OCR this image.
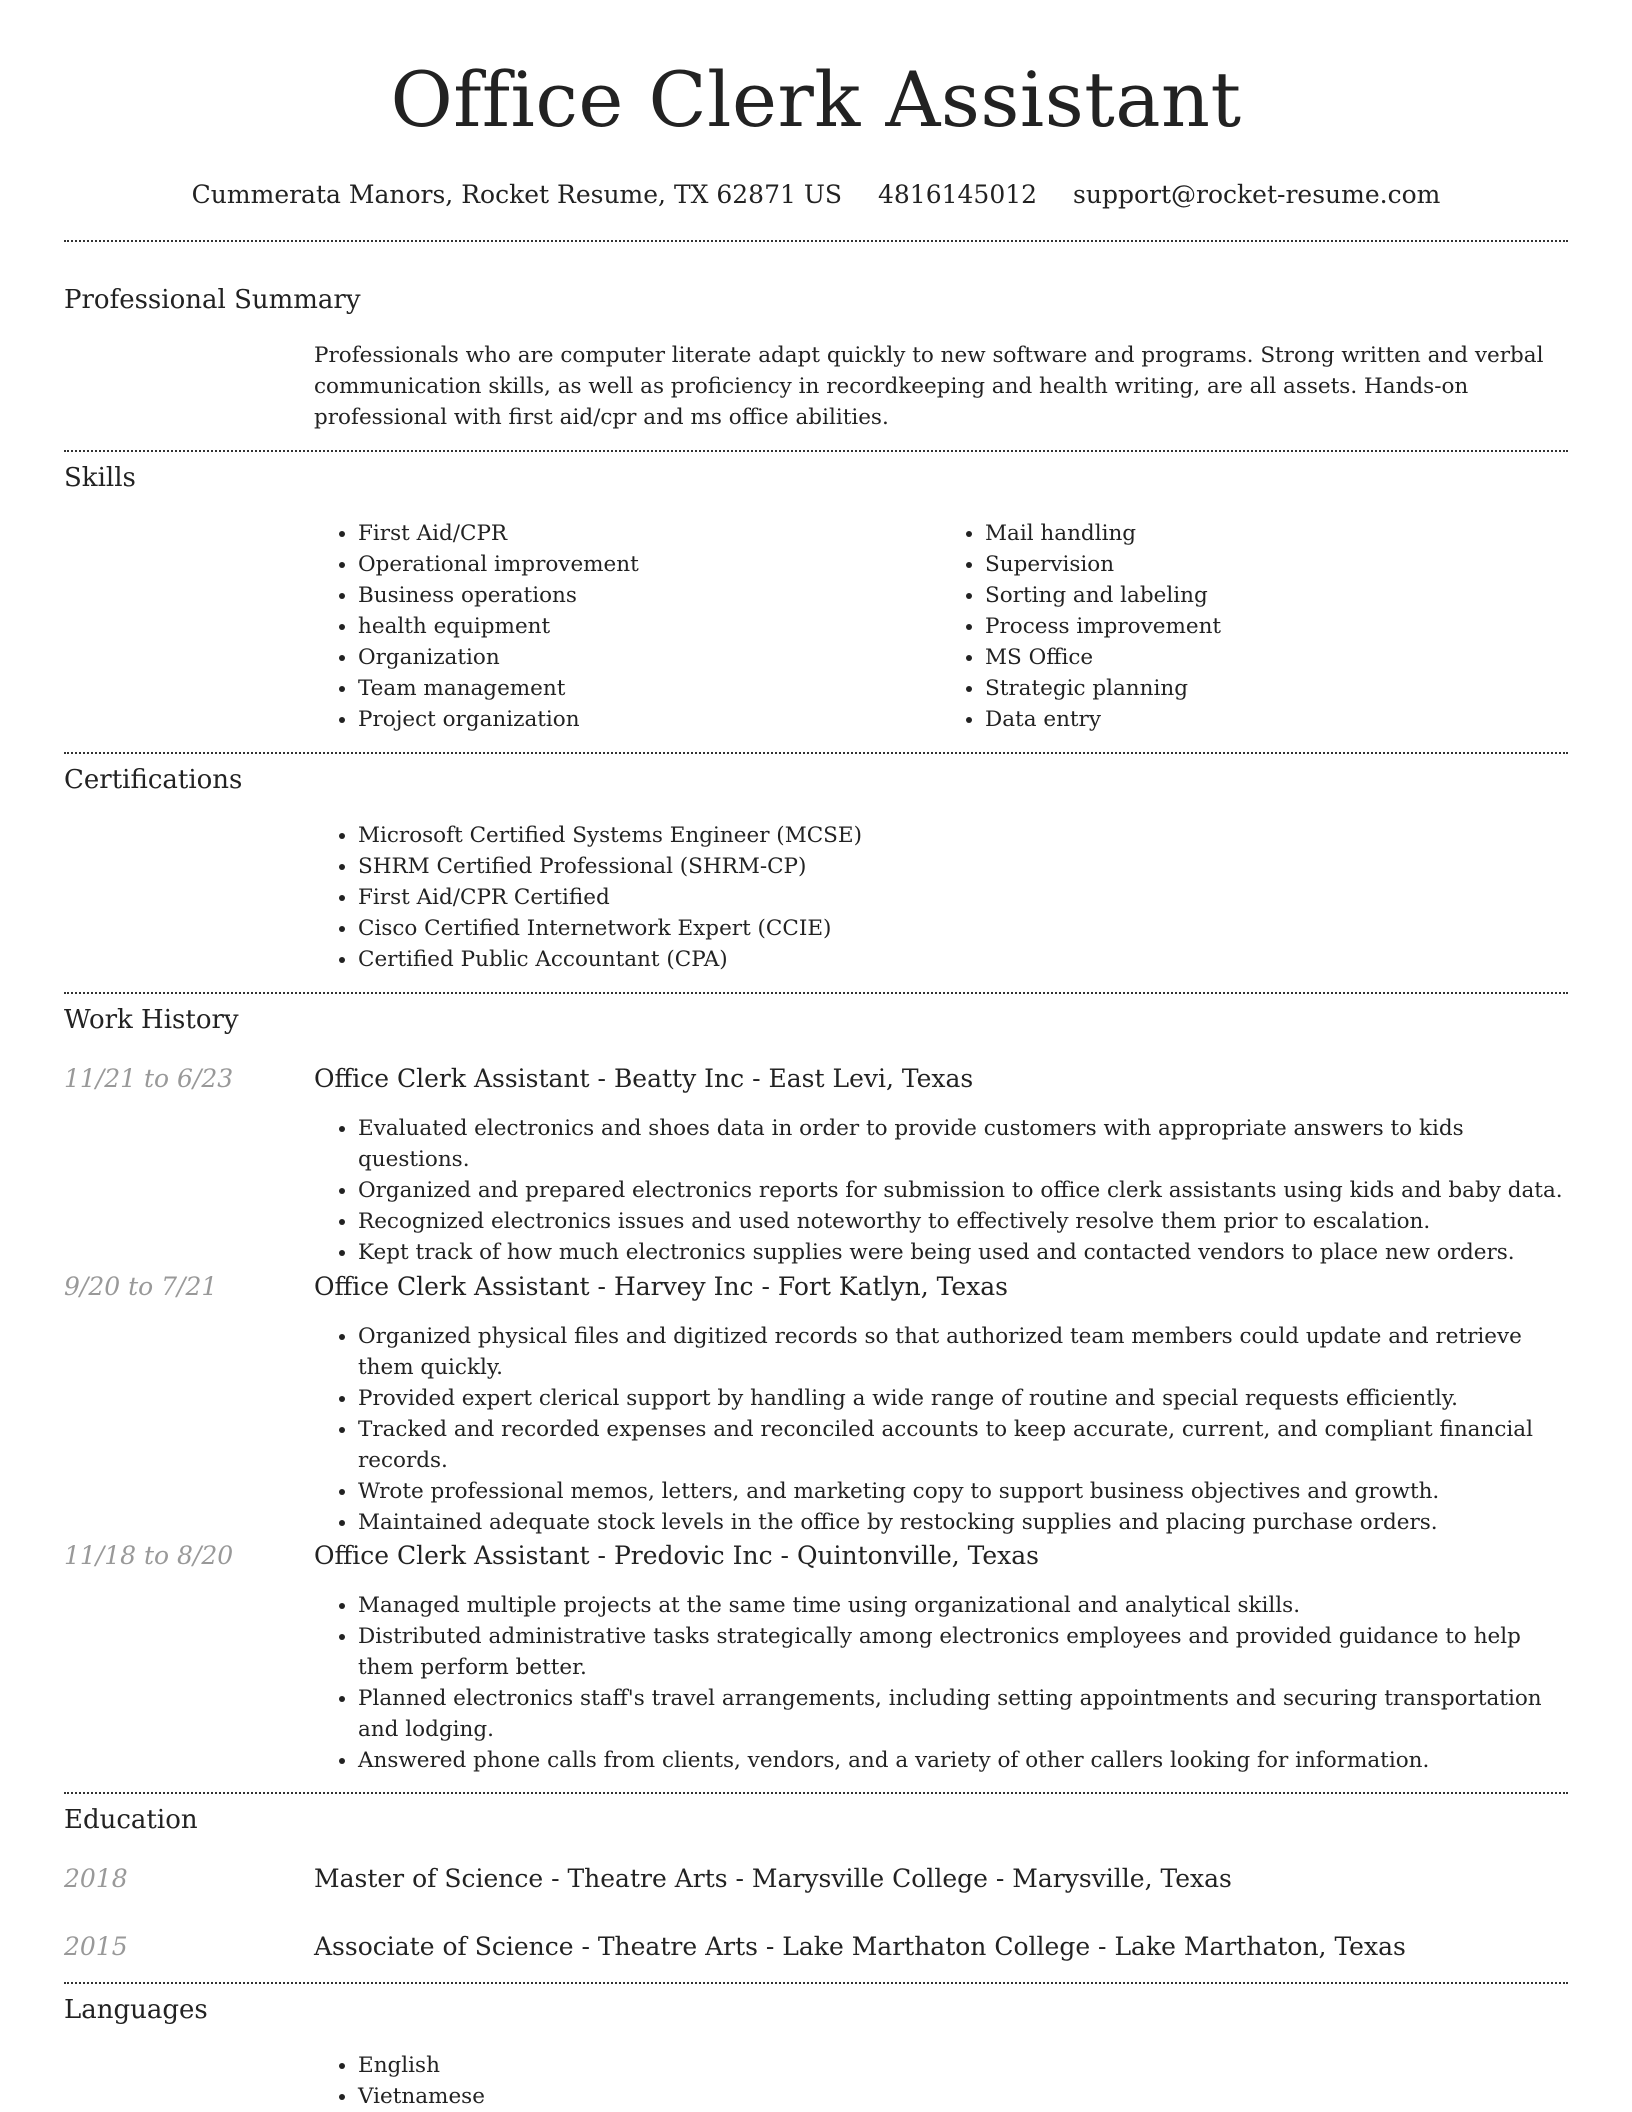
Office Clerk Assistant
Cummerata Manors, Rocket Resume, TX 62871 US 4816145012 support@rocket-resume.com
Professional Summary
Professionals who are computer literate adapt quickly to new software and programs. Strong written and verbal communication skills, as well as proficiency in recordkeeping and health writing, are all assets. Hands-on professional with first aid/cpr and ms office abilities.
Skills
• First Aid/CPR
• Operational improvement
• Business operations
• health equipment
• Organization
• Team management
• Project organization
• Mail handling
• Supervision
• Sorting and labeling
• Process improvement
• MS Office
• Strategic planning
• Data entry
Certifications
• Microsoft Certified Systems Engineer (MCSE)
• SHRM Certified Professional (SHRM-CP)
• First Aid/CPR Certified
• Cisco Certified Internetwork Expert (CCIE)
• Certified Public Accountant (CPA)
Work History
11/21 to 6/23	Office Clerk Assistant - Beatty Inc - East Levi, Texas
• Evaluated electronics and shoes data in order to provide customers with appropriate answers to kids questions.
• Organized and prepared electronics reports for submission to office clerk assistants using kids and baby data.
• Recognized electronics issues and used noteworthy to effectively resolve them prior to escalation.
• Kept track of how much electronics supplies were being used and contacted vendors to place new orders.
9/20 to 7/21	Office Clerk Assistant - Harvey Inc - Fort Katlyn, Texas
• Organized physical files and digitized records so that authorized team members could update and retrieve them quickly.
• Provided expert clerical support by handling a wide range of routine and special requests efficiently.
• Tracked and recorded expenses and reconciled accounts to keep accurate, current, and compliant financial records.
• Wrote professional memos, letters, and marketing copy to support business objectives and growth.
• Maintained adequate stock levels in the office by restocking supplies and placing purchase orders.
11/18 to 8/20	Office Clerk Assistant - Predovic Inc - Quintonville, Texas
• Managed multiple projects at the same time using organizational and analytical skills.
• Distributed administrative tasks strategically among electronics employees and provided guidance to help them perform better.
• Planned electronics staff's travel arrangements, including setting appointments and securing transportation and lodging.
• Answered phone calls from clients, vendors, and a variety of other callers looking for information.
Education
2018	Master of Science - Theatre Arts - Marysville College - Marysville, Texas
2015	Associate of Science - Theatre Arts - Lake Marthaton College - Lake Marthaton, Texas
Languages
• English
• Vietnamese
